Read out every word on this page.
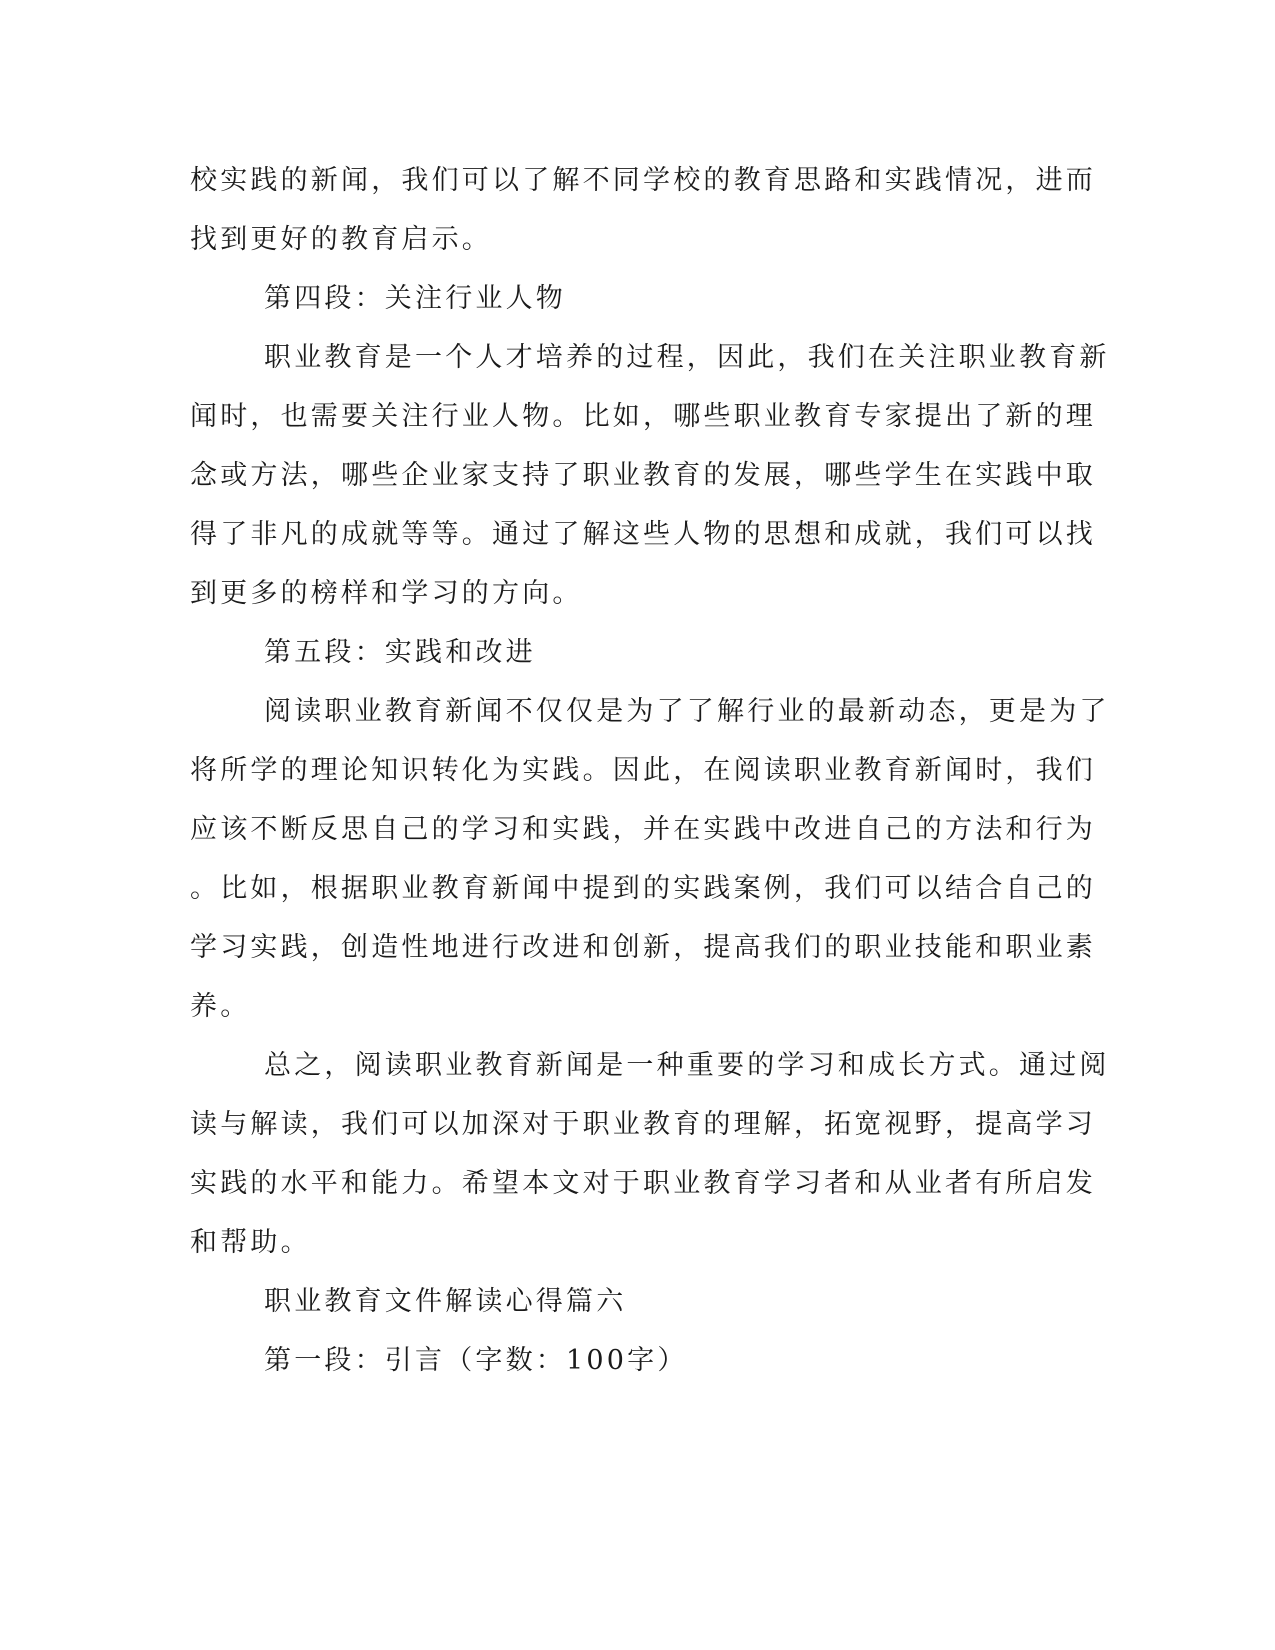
校实践的新闻，我们可以了解不同学校的教育思路和实践情况，进而
找到更好的教育启示。
第四段：关注行业人物
职业教育是一个人才培养的过程，因此，我们在关注职业教育新
闻时，也需要关注行业人物。比如，哪些职业教育专家提出了新的理
念或方法，哪些企业家支持了职业教育的发展，哪些学生在实践中取
得了非凡的成就等等。通过了解这些人物的思想和成就，我们可以找
到更多的榜样和学习的方向。
第五段：实践和改进
阅读职业教育新闻不仅仅是为了了解行业的最新动态，更是为了
将所学的理论知识转化为实践。因此，在阅读职业教育新闻时，我们
应该不断反思自己的学习和实践，并在实践中改进自己的方法和行为
。比如，根据职业教育新闻中提到的实践案例，我们可以结合自己的
学习实践，创造性地进行改进和创新，提高我们的职业技能和职业素
养。
总之，阅读职业教育新闻是一种重要的学习和成长方式。通过阅
读与解读，我们可以加深对于职业教育的理解，拓宽视野，提高学习
实践的水平和能力。希望本文对于职业教育学习者和从业者有所启发
和帮助。
职业教育文件解读心得篇六
第一段：引言（字数：100字）
